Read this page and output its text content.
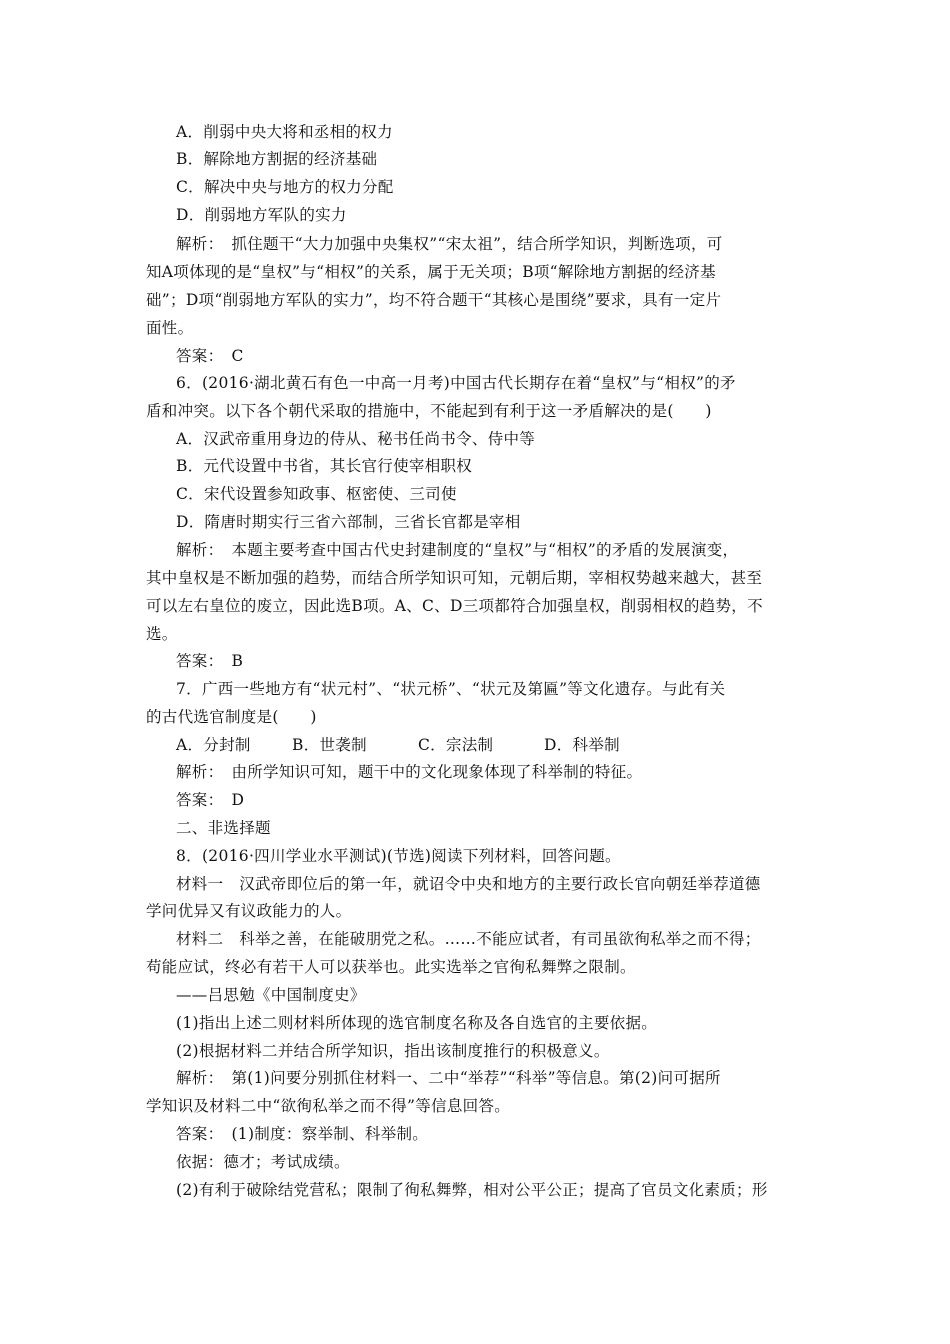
A．削弱中央大将和丞相的权力
B．解除地方割据的经济基础
C．解决中央与地方的权力分配
D．削弱地方军队的实力
解析：　抓住题干“大力加强中央集权”“宋太祖”，结合所学知识，判断选项，可
知A项体现的是“皇权”与“相权”的关系，属于无关项；B项“解除地方割据的经济基
础”；D项“削弱地方军队的实力”，均不符合题干“其核心是围绕”要求，具有一定片
面性。
答案：　C
6．(2016·湖北黄石有色一中高一月考)中国古代长期存在着“皇权”与“相权”的矛
盾和冲突。以下各个朝代采取的措施中，不能起到有利于这一矛盾解决的是(　　)
A．汉武帝重用身边的侍从、秘书任尚书令、侍中等
B．元代设置中书省，其长官行使宰相职权
C．宋代设置参知政事、枢密使、三司使
D．隋唐时期实行三省六部制，三省长官都是宰相
解析：　本题主要考查中国古代史封建制度的“皇权”与“相权”的矛盾的发展演变，
其中皇权是不断加强的趋势，而结合所学知识可知，元朝后期，宰相权势越来越大，甚至
可以左右皇位的废立，因此选B项。A、C、D三项都符合加强皇权，削弱相权的趋势，不
选。
答案：　B
7．广西一些地方有“状元村”、“状元桥”、“状元及第匾”等文化遗存。与此有关
的古代选官制度是(　　)
A．分封制	B．世袭制	C．宗法制	D．科举制
解析：　由所学知识可知，题干中的文化现象体现了科举制的特征。
答案：　D
二、非选择题
8．(2016·四川学业水平测试)(节选)阅读下列材料，回答问题。
材料一　汉武帝即位后的第一年，就诏令中央和地方的主要行政长官向朝廷举荐道德
学问优异又有议政能力的人。
材料二　科举之善，在能破朋党之私。……不能应试者，有司虽欲徇私举之而不得；
苟能应试，终必有若干人可以获举也。此实选举之官徇私舞弊之限制。
——吕思勉《中国制度史》
(1)指出上述二则材料所体现的选官制度名称及各自选官的主要依据。
(2)根据材料二并结合所学知识，指出该制度推行的积极意义。
解析：　第(1)问要分别抓住材料一、二中“举荐”“科举”等信息。第(2)问可据所
学知识及材料二中“欲徇私举之而不得”等信息回答。
答案：　(1)制度：察举制、科举制。
依据：德才；考试成绩。
(2)有利于破除结党营私；限制了徇私舞弊，相对公平公正；提高了官员文化素质；形
